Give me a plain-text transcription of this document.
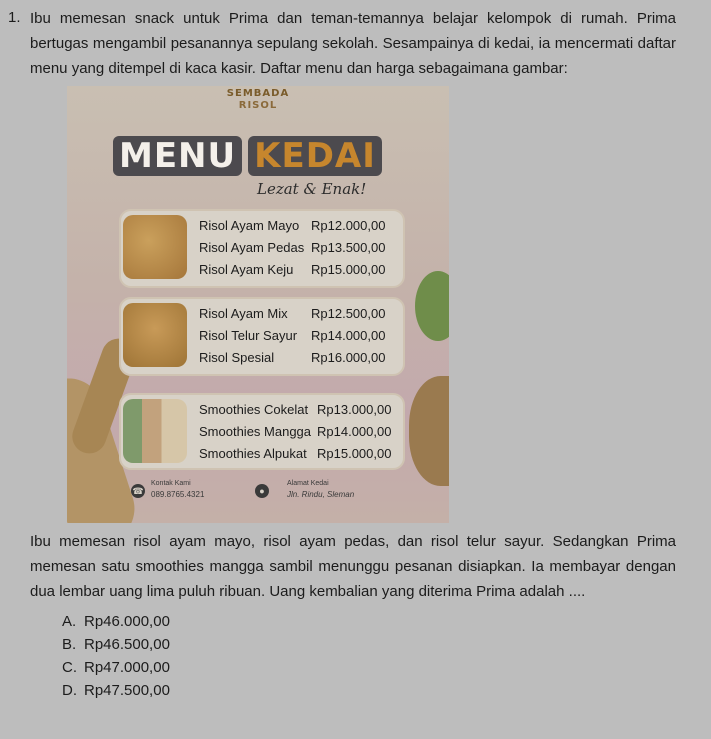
1. Ibu memesan snack untuk Prima dan teman-temannya belajar kelompok di rumah. Prima bertugas mengambil pesanannya sepulang sekolah. Sesampainya di kedai, ia mencermati daftar menu yang ditempel di kaca kasir. Daftar menu dan harga sebagaimana gambar:
SEMBADA
RISOL
MENU KEDAI
Lezat & Enak!
Risol Ayam Mayo Rp12.000,00
Risol Ayam Pedas Rp13.500,00
Risol Ayam Keju	Rp15.000,00
Risol Ayam Mix	Rp12.500,00
Risol Telur Sayur	Rp14.000,00
Risol Spesial	Rp16.000,00
Smoothies Cokelat Rp13.000,00
Smoothies Mangga Rp14.000,00
Smoothies Alpukat Rp15.000,00
☎
Kontak Kami
089.8765.4321	●
Alamat Kedai
Jln. Rindu, Sleman
Ibu memesan risol ayam mayo, risol ayam pedas, dan risol telur sayur. Sedangkan Prima memesan satu smoothies mangga sambil menunggu pesanan disiapkan. Ia membayar dengan dua lembar uang lima puluh ribuan. Uang kembalian yang diterima Prima adalah ....
A. Rp46.000,00
B. Rp46.500,00
C. Rp47.000,00
D. Rp47.500,00
